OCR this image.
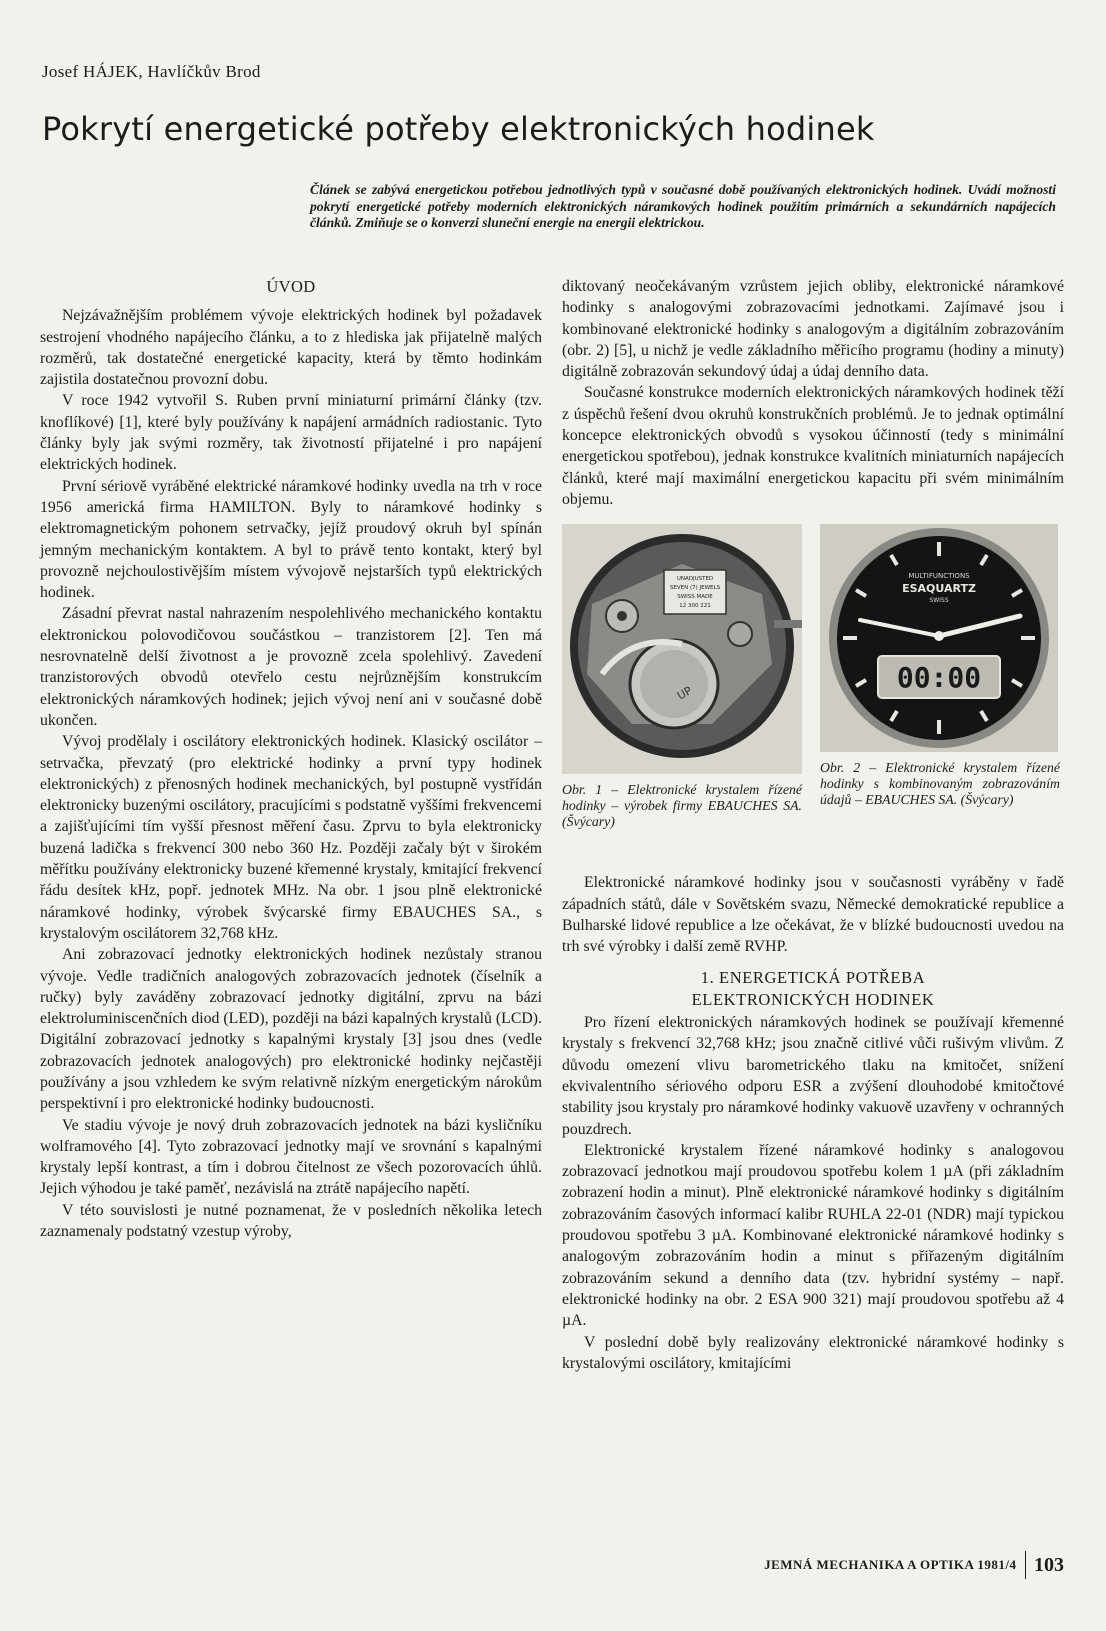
Josef HÁJEK, Havlíčkův Brod
Pokrytí energetické potřeby elektronických hodinek

Článek se zabývá energetickou potřebou jednotlivých typů v současné době používaných elektronických hodinek. Uvádí možnosti pokrytí energetické potřeby moderních elektronických náramkových hodinek použitím primárních a sekundárních napájecích článků. Zmiňuje se o konverzi sluneční energie na energii elektrickou.

ÚVOD

Nejzávažnějším problémem vývoje elektrických hodinek byl požadavek sestrojení vhodného napájecího článku, a to z hlediska jak přijatelně malých rozměrů, tak dostatečné energetické kapacity, která by těmto hodinkám zajistila dostatečnou provozní dobu.

V roce 1942 vytvořil S. Ruben první miniaturní primární články (tzv. knoflíkové) [1], které byly používány k napájení armádních radiostanic. Tyto články byly jak svými rozměry, tak životností přijatelné i pro napájení elektrických hodinek.

První sériově vyráběné elektrické náramkové hodinky uvedla na trh v roce 1956 americká firma HAMILTON. Byly to náramkové hodinky s elektromagnetickým pohonem setrvačky, jejíž proudový okruh byl spínán jemným mechanickým kontaktem. A byl to právě tento kontakt, který byl provozně nejchoulostivějším místem vývojově nejstarších typů elektrických hodinek.

Zásadní převrat nastal nahrazením nespolehlivého mechanického kontaktu elektronickou polovodičovou součástkou – tranzistorem [2]. Ten má nesrovnatelně delší životnost a je provozně zcela spolehlivý. Zavedení tranzistorových obvodů otevřelo cestu nejrůznějším konstrukcím elektronických náramkových hodinek; jejich vývoj není ani v současné době ukončen.

Vývoj prodělaly i oscilátory elektronických hodinek. Klasický oscilátor – setrvačka, převzatý (pro elektrické hodinky a první typy hodinek elektronických) z přenosných hodinek mechanických, byl postupně vystřídán elektronicky buzenými oscilátory, pracujícími s podstatně vyššími frekvencemi a zajišťujícími tím vyšší přesnost měření času. Zprvu to byla elektronicky buzená ladička s frekvencí 300 nebo 360 Hz. Později začaly být v širokém měřítku používány elektronicky buzené křemenné krystaly, kmitající frekvencí řádu desítek kHz, popř. jednotek MHz. Na obr. 1 jsou plně elektronické náramkové hodinky, výrobek švýcarské firmy EBAUCHES SA., s krystalovým oscilátorem 32,768 kHz.

Ani zobrazovací jednotky elektronických hodinek nezůstaly stranou vývoje. Vedle tradičních analogových zobrazovacích jednotek (číselník a ručky) byly zaváděny zobrazovací jednotky digitální, zprvu na bázi elektroluminiscenčních diod (LED), později na bázi kapalných krystalů (LCD). Digitální zobrazovací jednotky s kapalnými krystaly [3] jsou dnes (vedle zobrazovacích jednotek analogových) pro elektronické hodinky nejčastěji používány a jsou vzhledem ke svým relativně nízkým energetickým nárokům perspektivní i pro elektronické hodinky budoucnosti.

Ve stadiu vývoje je nový druh zobrazovacích jednotek na bázi kysličníku wolframového [4]. Tyto zobrazovací jednotky mají ve srovnání s kapalnými krystaly lepší kontrast, a tím i dobrou čitelnost ze všech pozorovacích úhlů. Jejich výhodou je také paměť, nezávislá na ztrátě napájecího napětí.

V této souvislosti je nutné poznamenat, že v posledních několika letech zaznamenaly podstatný vzestup výroby,

diktovaný neočekávaným vzrůstem jejich obliby, elektronické náramkové hodinky s analogovými zobrazovacími jednotkami. Zajímavé jsou i kombinované elektronické hodinky s analogovým a digitálním zobrazováním (obr. 2) [5], u nichž je vedle základního měřicího programu (hodiny a minuty) digitálně zobrazován sekundový údaj a údaj denního data.

Současné konstrukce moderních elektronických náramkových hodinek těží z úspěchů řešení dvou okruhů konstrukčních problémů. Je to jednak optimální koncepce elektronických obvodů s vysokou účinností (tedy s minimální energetickou spotřebou), jednak konstrukce kvalitních miniaturních napájecích článků, které mají maximální energetickou kapacitu při svém minimálním objemu.

UNADJUSTED
SEVEN (7) JEWELS
SWISS MADE
12 300 221
UP
Obr. 1 – Elektronické krystalem řízené hodinky – výrobek firmy EBAUCHES SA. (Švýcary)
MULTIFUNCTIONS
ESAQUARTZ
SWISS
00:00
Obr. 2 – Elektronické krystalem řízené hodinky s kombinovaným zobrazováním údajů – EBAUCHES SA. (Švýcary)

Elektronické náramkové hodinky jsou v současnosti vyráběny v řadě západních států, dále v Sovětském svazu, Německé demokratické republice a Bulharské lidové republice a lze očekávat, že v blízké budoucnosti uvedou na trh své výrobky i další země RVHP.

1. ENERGETICKÁ POTŘEBA
ELEKTRONICKÝCH HODINEK

Pro řízení elektronických náramkových hodinek se používají křemenné krystaly s frekvencí 32,768 kHz; jsou značně citlivé vůči rušivým vlivům. Z důvodu omezení vlivu barometrického tlaku na kmitočet, snížení ekvivalentního sériového odporu ESR a zvýšení dlouhodobé kmitočtové stability jsou krystaly pro náramkové hodinky vakuově uzavřeny v ochranných pouzdrech.

Elektronické krystalem řízené náramkové hodinky s analogovou zobrazovací jednotkou mají proudovou spotřebu kolem 1 µA (při základním zobrazení hodin a minut). Plně elektronické náramkové hodinky s digitálním zobrazováním časových informací kalibr RUHLA 22-01 (NDR) mají typickou proudovou spotřebu 3 µA. Kombinované elektronické náramkové hodinky s analogovým zobrazováním hodin a minut s přiřazeným digitálním zobrazováním sekund a denního data (tzv. hybridní systémy – např. elektronické hodinky na obr. 2 ESA 900 321) mají proudovou spotřebu až 4 µA.

V poslední době byly realizovány elektronické náramkové hodinky s krystalovými oscilátory, kmitajícími

JEMNÁ MECHANIKA A OPTIKA 1981/4 103
